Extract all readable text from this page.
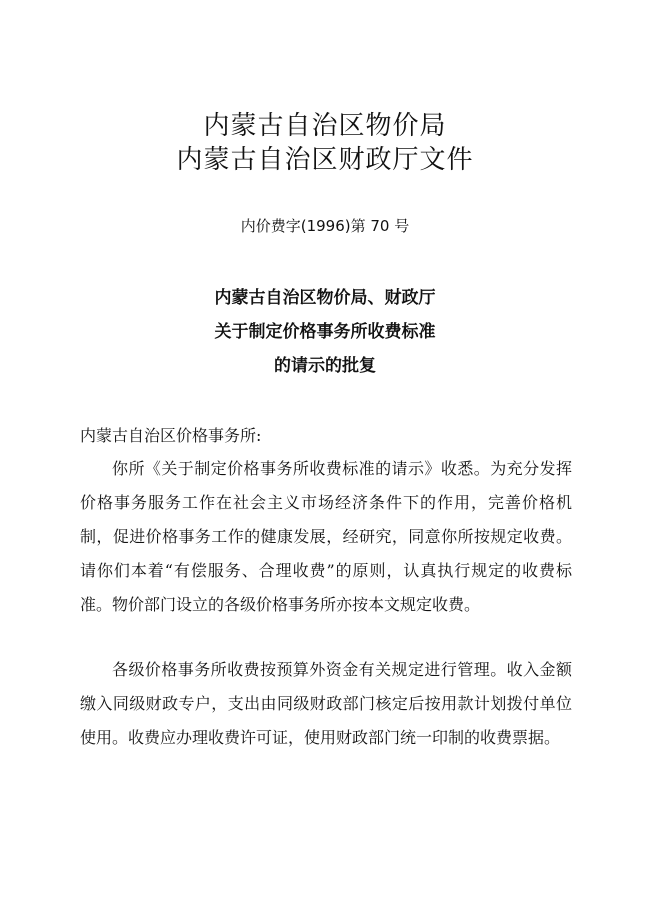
内蒙古自治区物价局
内蒙古自治区财政厅文件
内价费字(1996)第 70 号
内蒙古自治区物价局、财政厅
关于制定价格事务所收费标准
的请示的批复
内蒙古自治区价格事务所:
你所《关于制定价格事务所收费标准的请示》收悉。为充分发挥价格事务服务工作在社会主义市场经济条件下的作用，完善价格机制，促进价格事务工作的健康发展，经研究，同意你所按规定收费。请你们本着“有偿服务、合理收费”的原则，认真执行规定的收费标准。物价部门设立的各级价格事务所亦按本文规定收费。
各级价格事务所收费按预算外资金有关规定进行管理。收入金额缴入同级财政专户，支出由同级财政部门核定后按用款计划拨付单位使用。收费应办理收费许可证，使用财政部门统一印制的收费票据。
